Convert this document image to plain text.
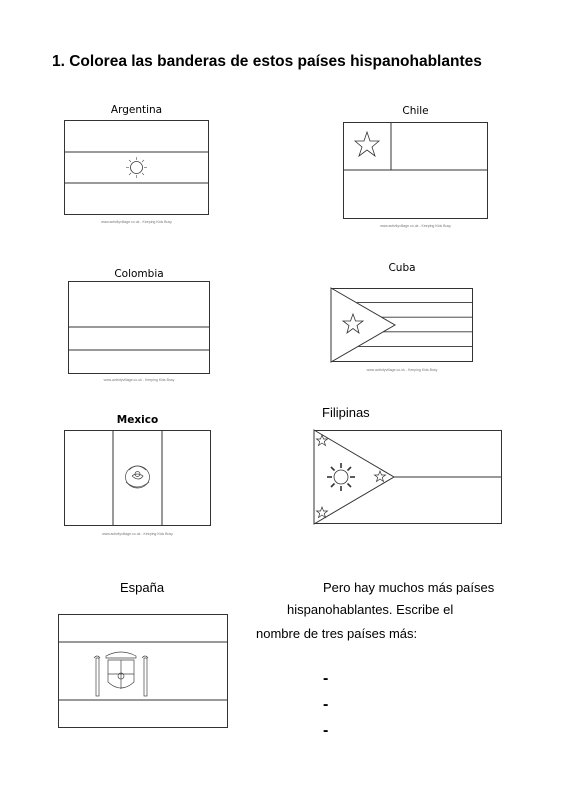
1. Colorea las banderas de estos países hispanohablantes
Argentina
www.activityvillage.co.uk - Keeping Kids Busy
Chile
www.activityvillage.co.uk - Keeping Kids Busy
Colombia
www.activityvillage.co.uk - Keeping Kids Busy
Cuba
www.activityvillage.co.uk - Keeping Kids Busy
Mexico
www.activityvillage.co.uk - Keeping Kids Busy
Filipinas
España	Pero hay muchos más países
hispanohablantes. Escribe el
nombre de tres países más:
-
-
-
